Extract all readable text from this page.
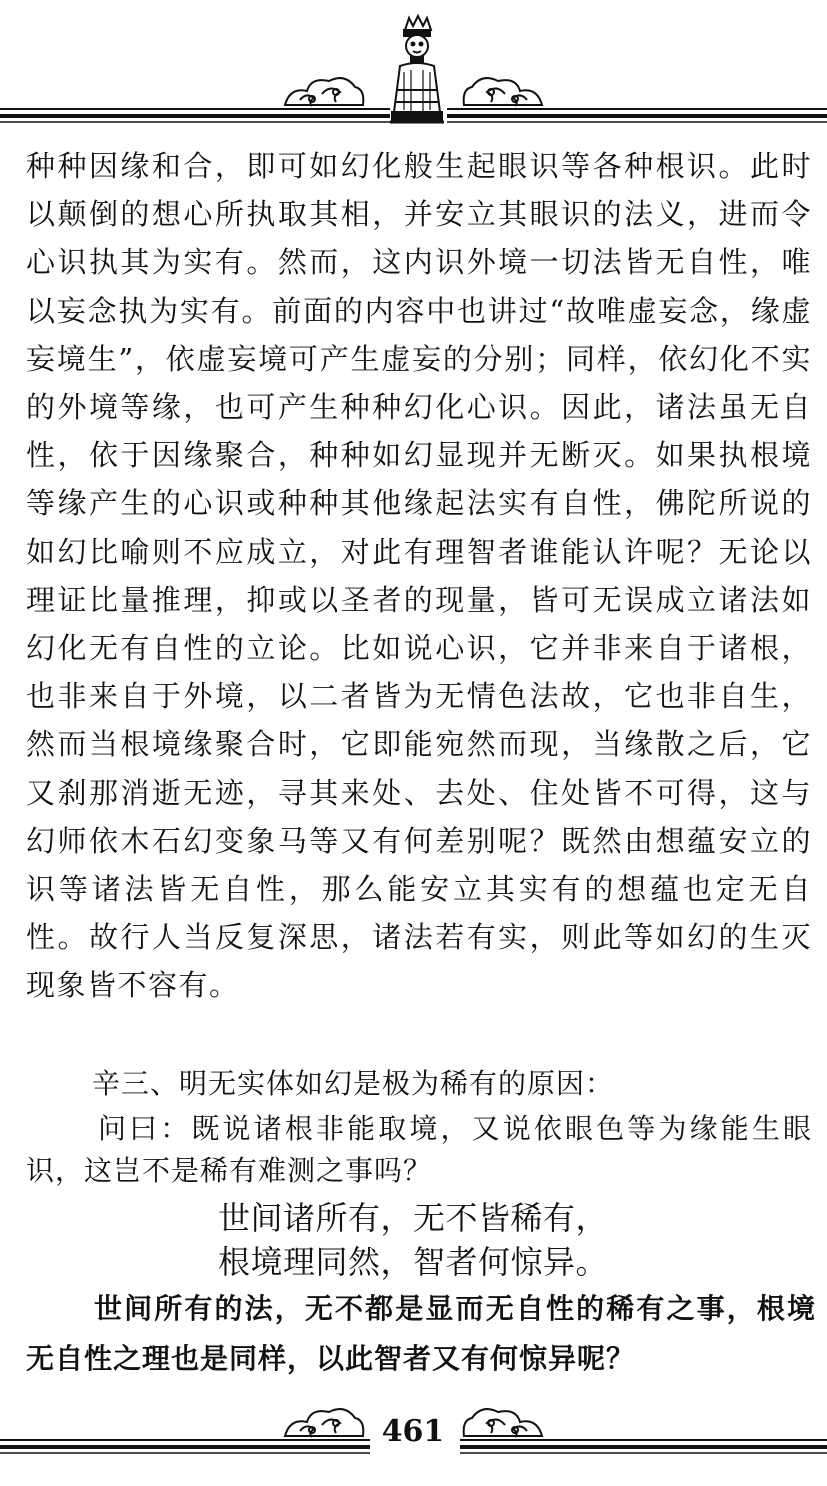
种种因缘和合，即可如幻化般生起眼识等各种根识。此时以颠倒的想心所执取其相，并安立其眼识的法义，进而令心识执其为实有。然而，这内识外境一切法皆无自性，唯以妄念执为实有。前面的内容中也讲过“故唯虚妄念，缘虚妄境生”，依虚妄境可产生虚妄的分别；同样，依幻化不实的外境等缘，也可产生种种幻化心识。因此，诸法虽无自性，依于因缘聚合，种种如幻显现并无断灭。如果执根境等缘产生的心识或种种其他缘起法实有自性，佛陀所说的如幻比喻则不应成立，对此有理智者谁能认许呢？无论以理证比量推理，抑或以圣者的现量，皆可无误成立诸法如幻化无有自性的立论。比如说心识，它并非来自于诸根，也非来自于外境，以二者皆为无情色法故，它也非自生，然而当根境缘聚合时，它即能宛然而现，当缘散之后，它又刹那消逝无迹，寻其来处、去处、住处皆不可得，这与幻师依木石幻变象马等又有何差别呢？既然由想蕴安立的识等诸法皆无自性，那么能安立其实有的想蕴也定无自性。故行人当反复深思，诸法若有实，则此等如幻的生灭现象皆不容有。

辛三、明无实体如幻是极为稀有的原因：

问曰：既说诸根非能取境，又说依眼色等为缘能生眼识，这岂不是稀有难测之事吗？

世间诸所有，无不皆稀有，

根境理同然，智者何惊异。

世间所有的法，无不都是显而无自性的稀有之事，根境无自性之理也是同样，以此智者又有何惊异呢？

461
